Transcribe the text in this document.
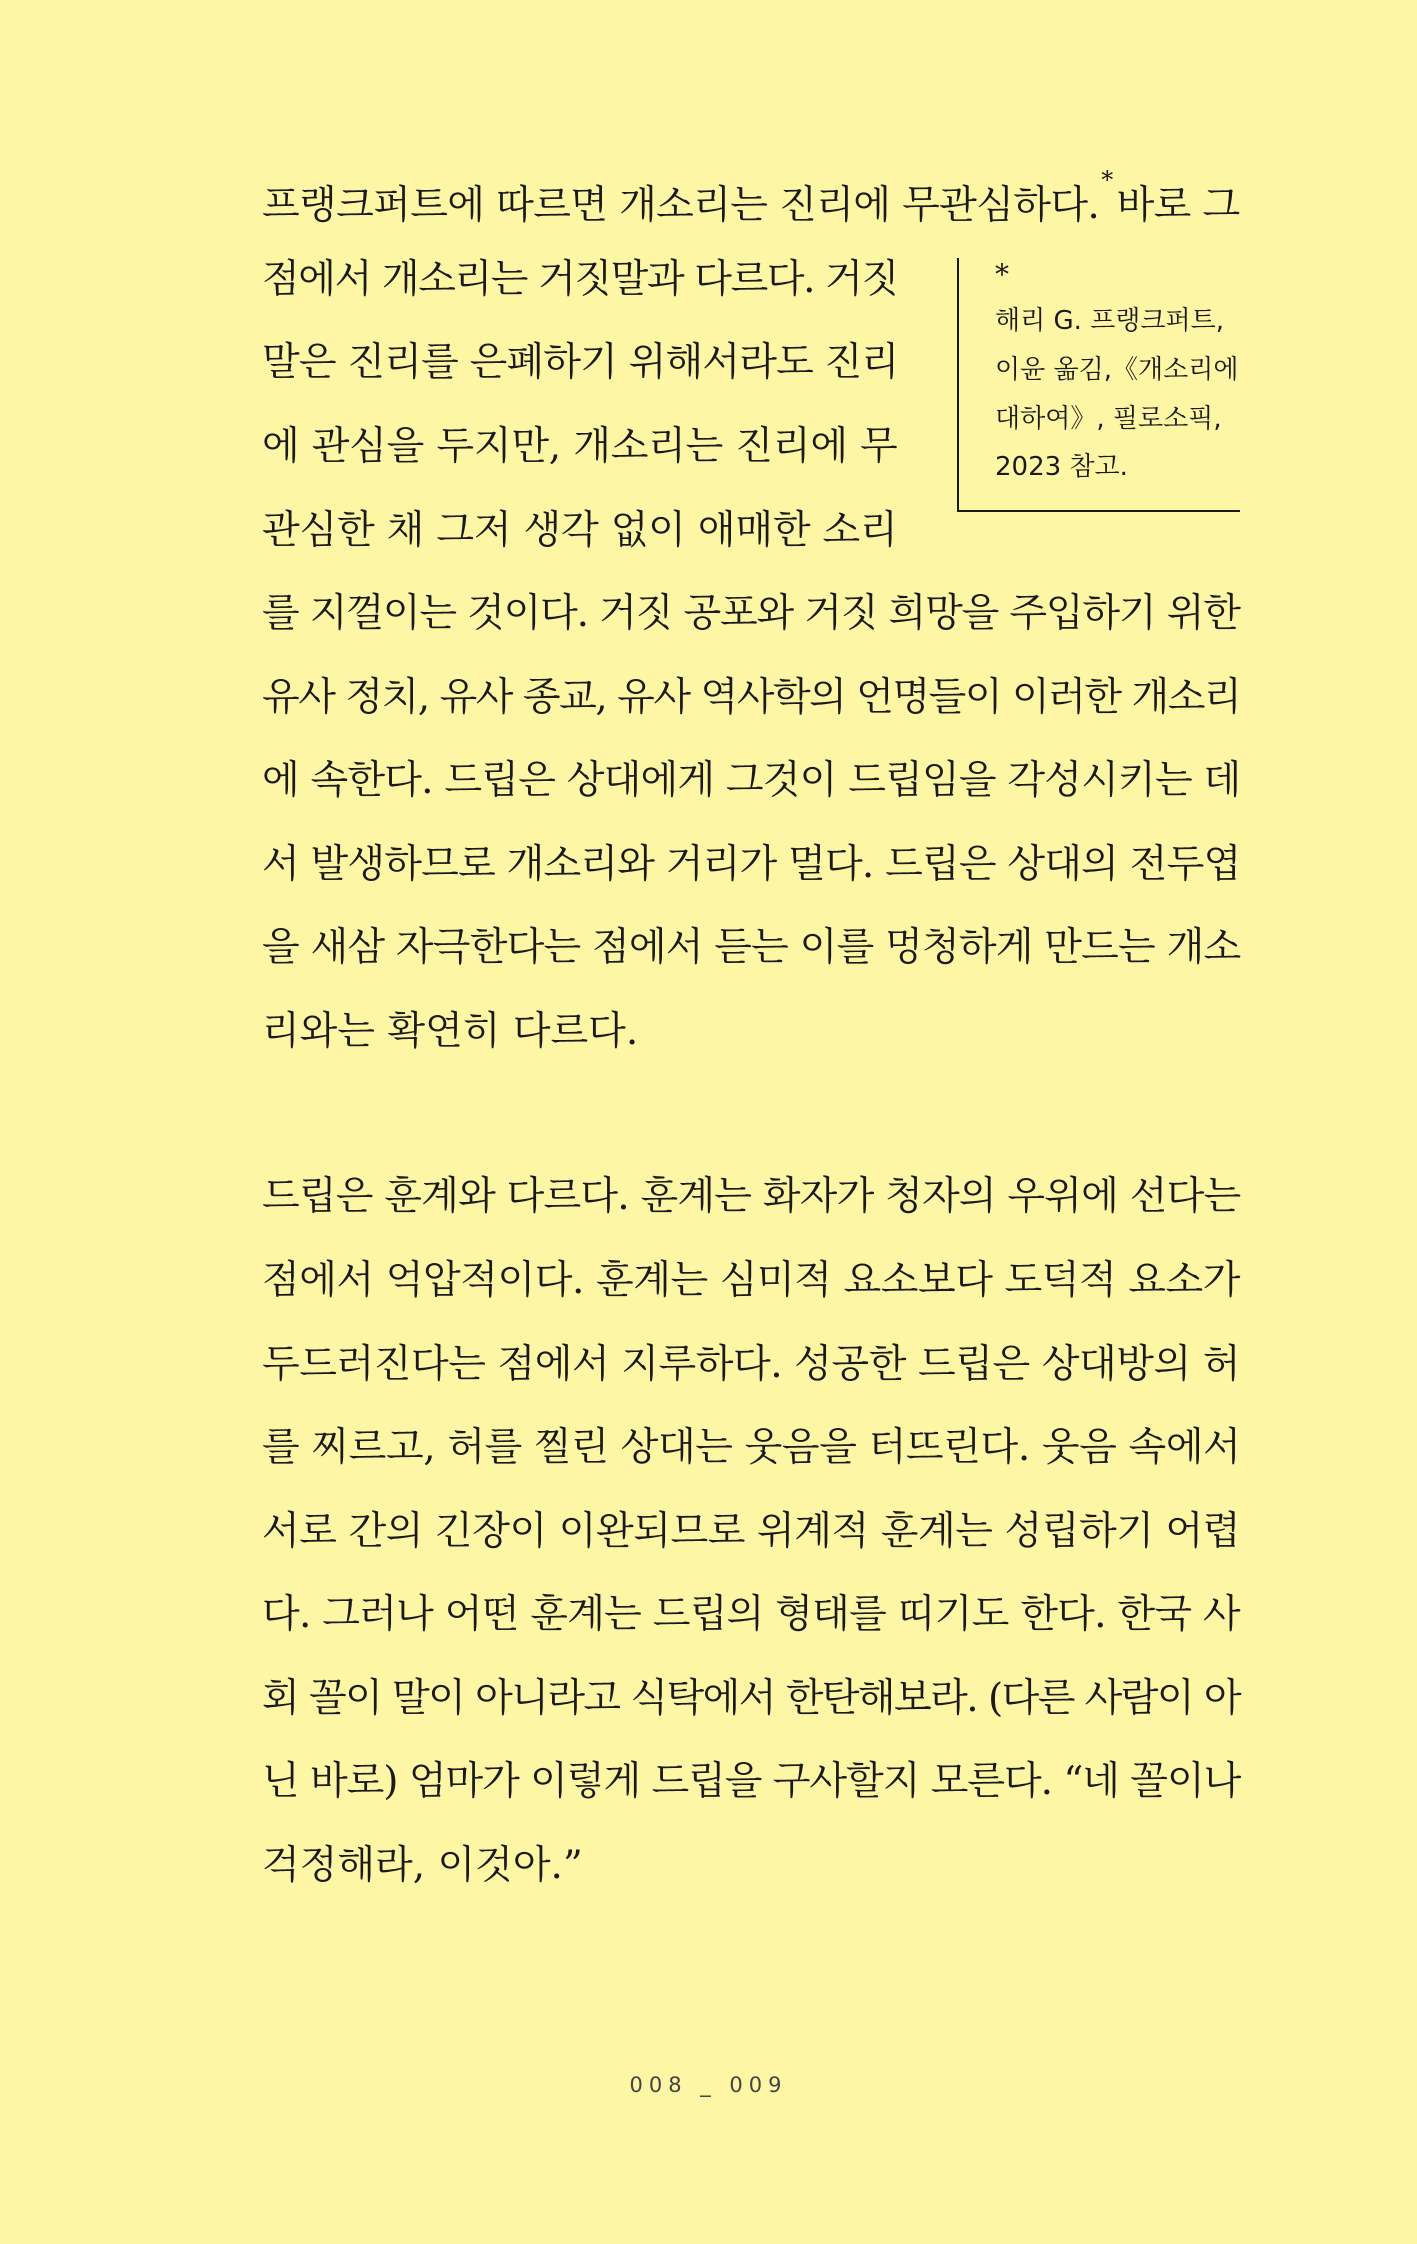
프랭크퍼트에 따르면 개소리는 진리에 무관심하다.*바로 그

점에서 개소리는 거짓말과 다르다. 거짓

말은 진리를 은폐하기 위해서라도 진리

에 관심을 두지만, 개소리는 진리에 무

관심한 채 그저 생각 없이 애매한 소리

를 지껄이는 것이다. 거짓 공포와 거짓 희망을 주입하기 위한

유사 정치, 유사 종교, 유사 역사학의 언명들이 이러한 개소리

에 속한다. 드립은 상대에게 그것이 드립임을 각성시키는 데

서 발생하므로 개소리와 거리가 멀다. 드립은 상대의 전두엽

을 새삼 자극한다는 점에서 듣는 이를 멍청하게 만드는 개소

리와는 확연히 다르다.

*
해리 G. 프랭크퍼트,
이윤 옮김,《개소리에
대하여》, 필로소픽,
2023 참고.

드립은 훈계와 다르다. 훈계는 화자가 청자의 우위에 선다는

점에서 억압적이다. 훈계는 심미적 요소보다 도덕적 요소가

두드러진다는 점에서 지루하다. 성공한 드립은 상대방의 허

를 찌르고, 허를 찔린 상대는 웃음을 터뜨린다. 웃음 속에서

서로 간의 긴장이 이완되므로 위계적 훈계는 성립하기 어렵

다. 그러나 어떤 훈계는 드립의 형태를 띠기도 한다. 한국 사

회 꼴이 말이 아니라고 식탁에서 한탄해보라. (다른 사람이 아

닌 바로) 엄마가 이렇게 드립을 구사할지 모른다. “네 꼴이나

걱정해라, 이것아.”

008 _ 009
